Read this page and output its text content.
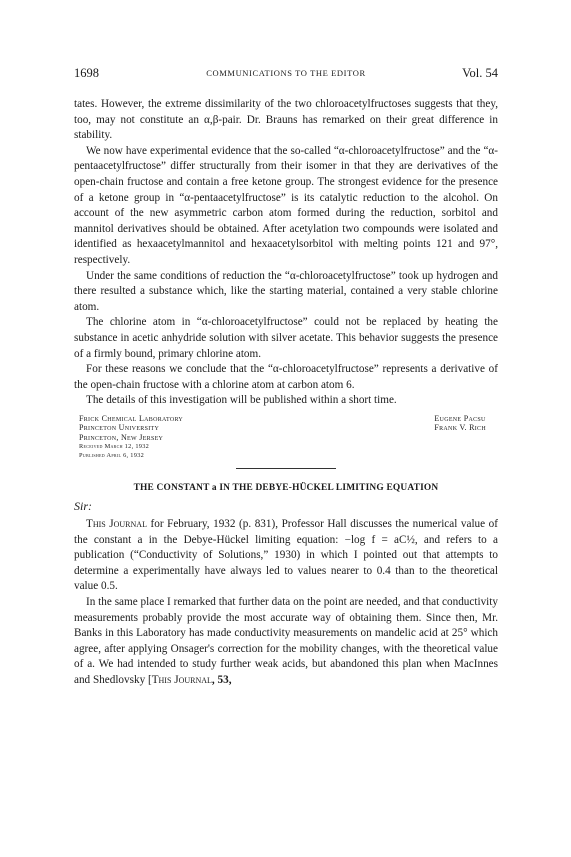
1698	COMMUNICATIONS TO THE EDITOR	Vol. 54

tates. However, the extreme dissimilarity of the two chloroacetylfructoses suggests that they, too, may not constitute an α,β-pair. Dr. Brauns has remarked on their great difference in stability.

We now have experimental evidence that the so-called “α-chloroacetylfructose” and the “α-pentaacetylfructose” differ structurally from their isomer in that they are derivatives of the open-chain fructose and contain a free ketone group. The strongest evidence for the presence of a ketone group in “α-pentaacetylfructose” is its catalytic reduction to the alcohol. On account of the new asymmetric carbon atom formed during the reduction, sorbitol and mannitol derivatives should be obtained. After acetylation two compounds were isolated and identified as hexaacetylmannitol and hexaacetylsorbitol with melting points 121 and 97°, respectively.

Under the same conditions of reduction the “α-chloroacetylfructose” took up hydrogen and there resulted a substance which, like the starting material, contained a very stable chlorine atom.

The chlorine atom in “α-chloroacetylfructose” could not be replaced by heating the substance in acetic anhydride solution with silver acetate. This behavior suggests the presence of a firmly bound, primary chlorine atom.

For these reasons we conclude that the “α-chloroacetylfructose” represents a derivative of the open-chain fructose with a chlorine atom at carbon atom 6.

The details of this investigation will be published within a short time.

Frick Chemical Laboratory
Princeton University
Princeton, New Jersey
Received March 12, 1932
Published April 6, 1932
Eugene Pacsu
Frank V. Rich
THE CONSTANT a IN THE DEBYE-HÜCKEL LIMITING EQUATION
Sir:

This Journal for February, 1932 (p. 831), Professor Hall discusses the numerical value of the constant a in the Debye-Hückel limiting equation: −log f = aC½, and refers to a publication (“Conductivity of Solutions,” 1930) in which I pointed out that attempts to determine a experimentally have always led to values nearer to 0.4 than to the theoretical value 0.5.

In the same place I remarked that further data on the point are needed, and that conductivity measurements probably provide the most accurate way of obtaining them. Since then, Mr. Banks in this Laboratory has made conductivity measurements on mandelic acid at 25° which agree, after applying Onsager's correction for the mobility changes, with the theoretical value of a. We had intended to study further weak acids, but abandoned this plan when MacInnes and Shedlovsky [This Journal, 53,
